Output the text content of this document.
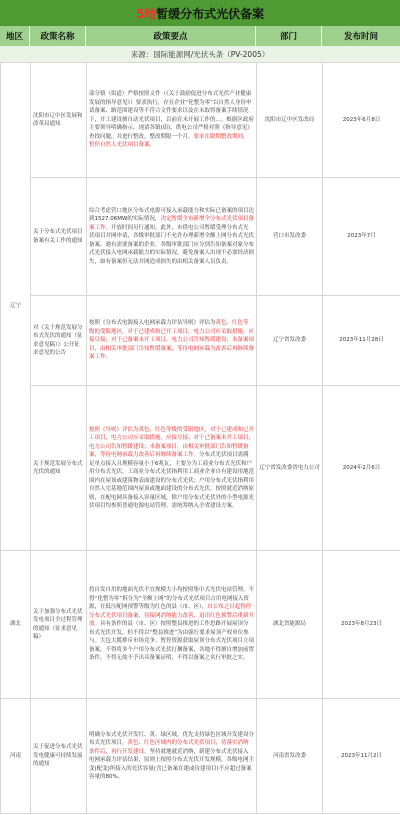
5地 暂缓分布式光伏备案
地区	政策名称	政策要点	部门	发布时间
来源：国际能源网/光伏头条（PV-2005）
辽宁	沈阳市辽中区发展和改革局通知	部分镇（街道）严格按照文件（《关于鼓励促进分布式光伏产业健康发展的指导意见》）要求执行，存在企业“化整为零”以自然人身份申请备案、路范围建设等不符合文件要求以及在未取得备案手续情况下，开工建设擅自动光伏项目，以前在未开展工作的...。根据区政府主要领导明确指示，现请各镇(街)、供电公司严格对照《指导意见》查找问题，并进行整改，整改期限一个月。要求在限期整改期间，暂停自然人光伏项目备案。	沈阳市辽中区发改局	2023年6月8日
	关于分布式光伏项目备案有关工作的通知	综合考虑营口地区分布式电源可接入承载能力和实际已备案的项目达到1527.06MW的实际情况，决定暂缓全市新增全分布式光伏项目备案工作。开放时间另行通知。此外，市供电公司暂缓受理分布式光伏项目并网申请，各级审批部门不允许办理新增全额上网分布式光伏备案。遇有需要备案的企业，各级审批部门应分别告知备案对象分布式光伏接入电网承载能力的实际情况，避免备案人出现不必要经济损失，如有备案但无法并网造成损失的由相关备案人员负责。	营口市发改委	2023年7月
	对《关于规范发展分布式光伏的通知（征求意见稿）》公开征求意见的公告	按照《分布式电源接入电网承载力评估导则》评估为黄色、红色等级的受限地区，对于已建成和已开工项目，电力公司应采取措施，应接尽接；对于已备案未开工项目，电力公司告知暂缓建设；未备案项目，由相关审批部门告知暂缓备案，等待电网承载力改善后再继续备案工作。	辽宁省发改委	2023年11月28日
	关于规范发展分布式光伏的通知	按照《导则》评估为黄色、红色等级的受限地区，对于已建成和已开工项目，电力公司应采取措施，应接尽接；对于已备案未开工项目，电力公司告知暂缓建设；未备案项目，由相关审批部门告知暂缓备案，等待电网承载力改善后再继续备案工作。分布式光伏项目需满足单点接入且规模容量小于6兆瓦，主要分为工商业分布式光伏和户用分布式光伏。工商业分布式光伏指利用工商业企业自有建设用地范围内在屋顶或建筑物表面建设的分布式光伏；户用分布式光伏指利用自然人宅基地范围内屋顶或地面建设的分布式光伏。按照就近消纳原则，在配电网具备接入容量区域，除户用分布式光伏外的小型电源光伏项目均参照普通电源电站管理，需统筹纳入全省建设方案。	辽宁省发改委省电力公司	2024年2月6日
湖北	关于加强分布式光伏发电项目全过程管理的通知（征求意见稿）	将自发自用的地面光伏不宜规模大小均按照集中式光伏电站管理，不得“化整为零”拆分为“全额上网”的分布式光伏项目占用电网接入资源，在低压配网预警等级为红色的县（市、区），自公布之日起暂停分布式光伏项目备案，待接网消纳能力改善、退出红色预警后重新开放。具有条件的县（市、区）按照整县推进的工作思路开展屋顶分布式光伏开发，但不得以“整县推进”为由强行要求屋顶产权单位参与。大包大揽排斥市场竞争、暂停资源获取屋顶分布式光伏项目立项备案。不得将多个户用分布式光伏打捆备案，各地不得擅自增加前置条件，不得无故不予出具备案证明，不得以备案之名行审批之实。	湖北省能源局	2023年8月23日
河南	关于促进分布式光伏发电健康可持续发展的通知	明确分布式光伏开发红、黄、绿区域，优先支持绿色区域开发建设分布式光伏项目，黄色、红色区域内的分布式光伏项目，待落实消纳条件后，再行开发建设。坚持就地就近消纳，新建分布式光伏接入电网承载力评估结果，原则上按照分布式光伏开发规模，各级电网主变(配变)所接入的光伏容量(含已备案在建或待建项目)不应超过备案容量的80%。	河南省发改委	2023年11月2日
